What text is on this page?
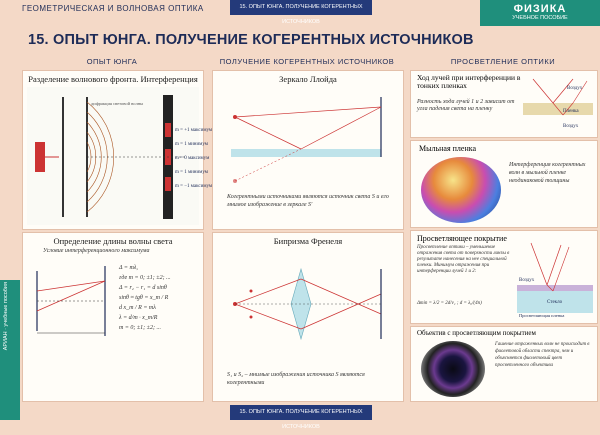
ГЕОМЕТРИЧЕСКАЯ И ВОЛНОВАЯ ОПТИКА	15. ОПЫТ ЮНГА. ПОЛУЧЕНИЕ КОГЕРЕНТНЫХ ИСТОЧНИКОВ
ФИЗИКА
УЧЕБНОЕ ПОСОБИЕ
15. ОПЫТ ЮНГА. ПОЛУЧЕНИЕ КОГЕРЕНТНЫХ ИСТОЧНИКОВ
ОПЫТ ЮНГА	ПОЛУЧЕНИЕ КОГЕРЕНТНЫХ ИСТОЧНИКОВ	ПРОСВЕТЛЕНИЕ ОПТИКИ
Разделение волнового фронта. Интерференция
m = +1 максимум
m = 1 минимум
m = 0 максимум
m = 1 минимум
m = −1 максимум
дифракция световой волны
Определение длины волны света
Условие интерференционного максимума
Δ = mλ,
где m = 0; ±1; ±2; ...
Δ = r₂ − r₁ = d sinθ
sinθ ≈ tgθ = x_m / R
d x_m / R = mλ
λ = d/m · x_m/R
m = 0; ±1; ±2; ...
Зеркало Ллойда
Когерентными источниками являются источник света S и его мнимое изображение в зеркале S'
Бипризма Френеля
S₁ и S₂ – мнимые изображения источника S являются когерентными
Ход лучей при интерференции в тонких пленках
Разность хода лучей 1 и 2 зависит от угла падения света на пленку
Воздух
Пленка
Воздух
Мыльная пленка
Интерференция когерентных волн в мыльной пленке неодинаковой толщины
Просветляющее покрытие
Просветление оптики – уменьшение отражения света от поверхности линзы в результате нанесения на нее специальной пленки. Минимум отражения при интерференции лучей 1 и 2:
Δmin = λ/2 = 2d/v₁ ; d = λ₀/(4n)
Воздух
Стекло
Просветляющая пленка
Объектив с просветляющим покрытием
Гашение отраженных волн не происходит в фиолетовой области спектра, чем и объясняется фиолетовый цвет просветленного объектива
15. ОПЫТ ЮНГА. ПОЛУЧЕНИЕ КОГЕРЕНТНЫХ ИСТОЧНИКОВ
АРИАН · учебные пособия
